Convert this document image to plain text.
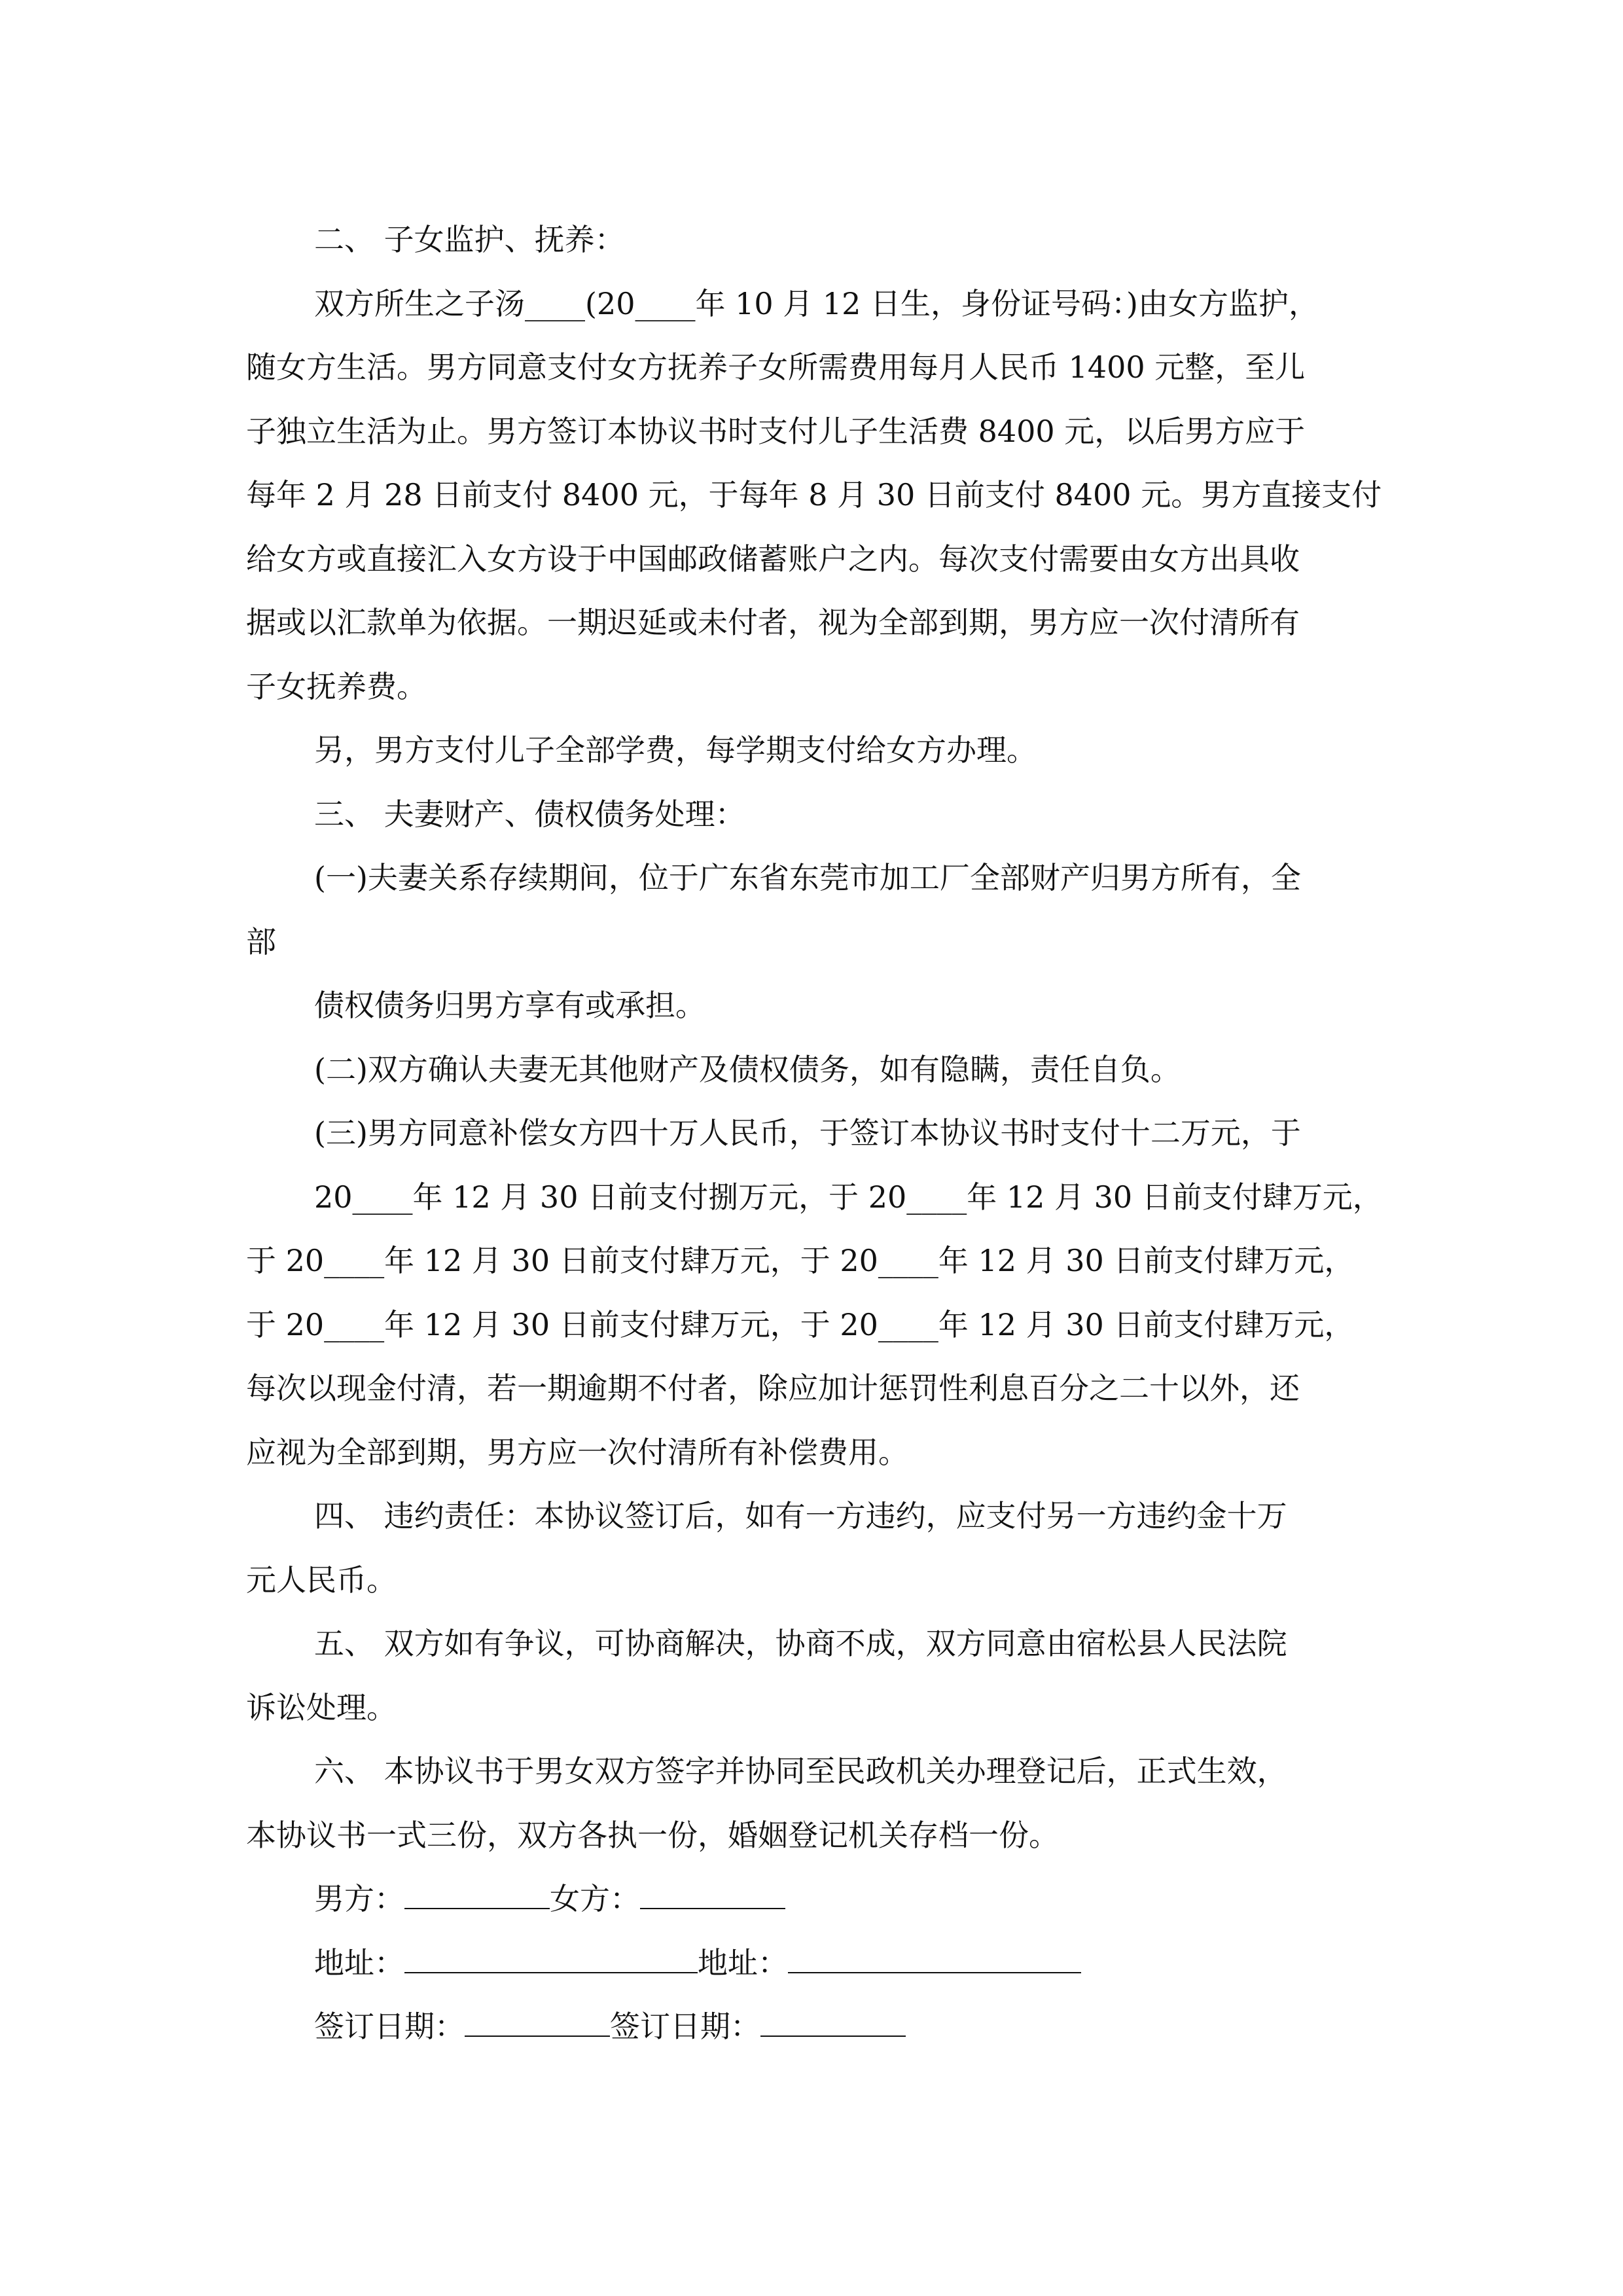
二、 子女监护、抚养：

双方所生之子汤____(20____年 10 月 12 日生，身份证号码：)由女方监护，

随女方生活。男方同意支付女方抚养子女所需费用每月人民币 1400 元整，至儿

子独立生活为止。男方签订本协议书时支付儿子生活费 8400 元，以后男方应于

每年 2 月 28 日前支付 8400 元，于每年 8 月 30 日前支付 8400 元。男方直接支付

给女方或直接汇入女方设于中国邮政储蓄账户之内。每次支付需要由女方出具收

据或以汇款单为依据。一期迟延或未付者，视为全部到期，男方应一次付清所有

子女抚养费。

另，男方支付儿子全部学费，每学期支付给女方办理。

三、 夫妻财产、债权债务处理：

(一)夫妻关系存续期间，位于广东省东莞市加工厂全部财产归男方所有，全

部

债权债务归男方享有或承担。

(二)双方确认夫妻无其他财产及债权债务，如有隐瞒，责任自负。

(三)男方同意补偿女方四十万人民币，于签订本协议书时支付十二万元，于

20____年 12 月 30 日前支付捌万元，于 20____年 12 月 30 日前支付肆万元，

于 20____年 12 月 30 日前支付肆万元，于 20____年 12 月 30 日前支付肆万元，

于 20____年 12 月 30 日前支付肆万元，于 20____年 12 月 30 日前支付肆万元，

每次以现金付清，若一期逾期不付者，除应加计惩罚性利息百分之二十以外，还

应视为全部到期，男方应一次付清所有补偿费用。

四、 违约责任：本协议签订后，如有一方违约，应支付另一方违约金十万

元人民币。

五、 双方如有争议，可协商解决，协商不成，双方同意由宿松县人民法院

诉讼处理。

六、 本协议书于男女双方签字并协同至民政机关办理登记后，正式生效，

本协议书一式三份，双方各执一份，婚姻登记机关存档一份。

男方：	女方：
地址：	地址：
签订日期：	签订日期：
